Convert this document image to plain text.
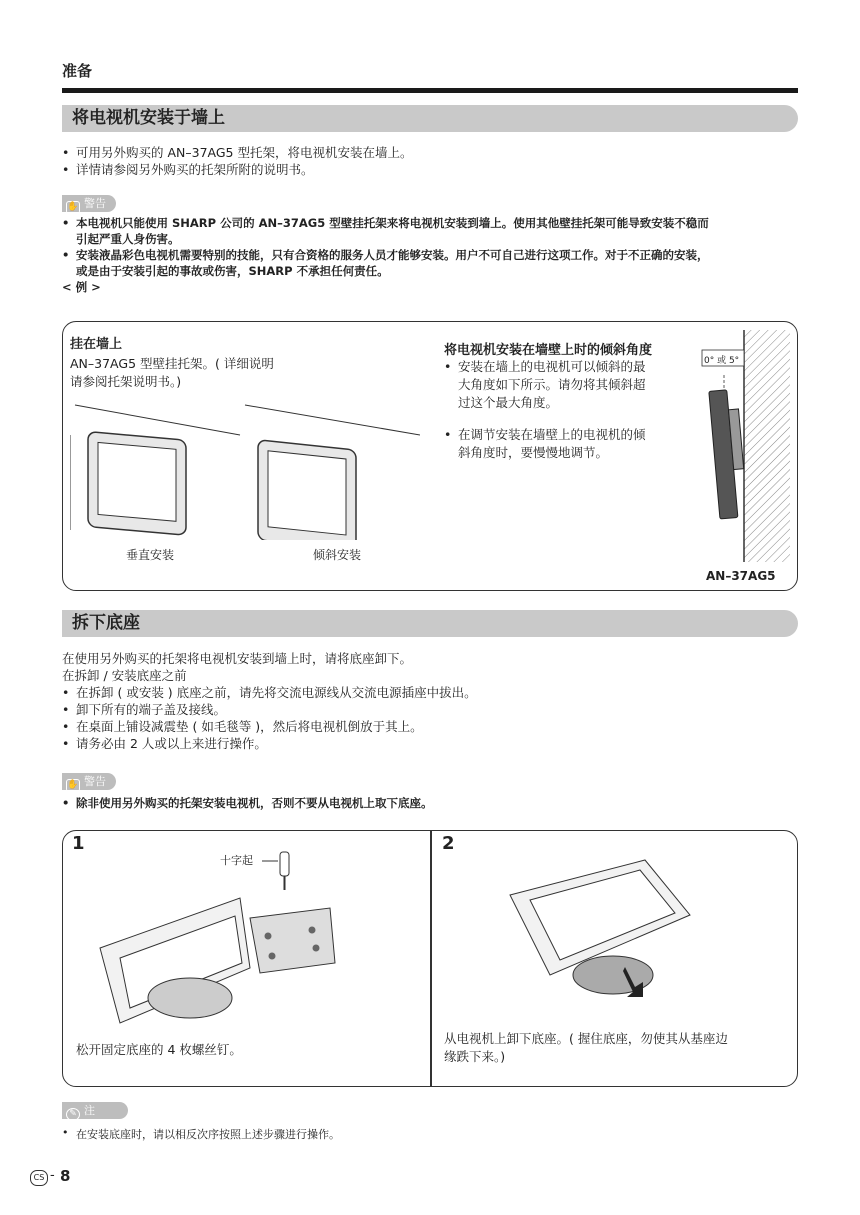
准备
将电视机安装于墙上
• 可用另外购买的 AN–37AG5 型托架，将电视机安装在墙上。
• 详情请参阅另外购买的托架所附的说明书。
✋ 警告
• 本电视机只能使用 SHARP 公司的 AN–37AG5 型壁挂托架来将电视机安装到墙上。使用其他壁挂托架可能导致安装不稳而
引起严重人身伤害。
• 安装液晶彩色电视机需要特别的技能，只有合资格的服务人员才能够安装。用户不可自己进行这项工作。对于不正确的安装，
或是由于安装引起的事故或伤害，SHARP 不承担任何责任。
< 例 >
挂在墙上
AN–37AG5 型壁挂托架。( 详细说明
请参阅托架说明书。)
垂直安装	倾斜安装
将电视机安装在墙壁上时的倾斜角度
• 安装在墙上的电视机可以倾斜的最
大角度如下所示。请勿将其倾斜超
过这个最大角度。
• 在调节安装在墙壁上的电视机的倾
斜角度时，要慢慢地调节。
0° 或 5°
AN–37AG5
拆下底座
在使用另外购买的托架将电视机安装到墙上时，请将底座卸下。
在拆卸 / 安装底座之前
• 在拆卸 ( 或安装 ) 底座之前，请先将交流电源线从交流电源插座中拔出。
• 卸下所有的端子盖及接线。
• 在桌面上铺设减震垫 ( 如毛毯等 )，然后将电视机倒放于其上。
• 请务必由 2 人或以上来进行操作。
✋ 警告
• 除非使用另外购买的托架安装电视机，否则不要从电视机上取下底座。
1	2
十字起
松开固定底座的 4 枚螺丝钉。
从电视机上卸下底座。( 握住底座，勿使其从基座边
缘跌下来。)
✎ 注
• 在安装底座时，请以相反次序按照上述步骤进行操作。
CS - 8
